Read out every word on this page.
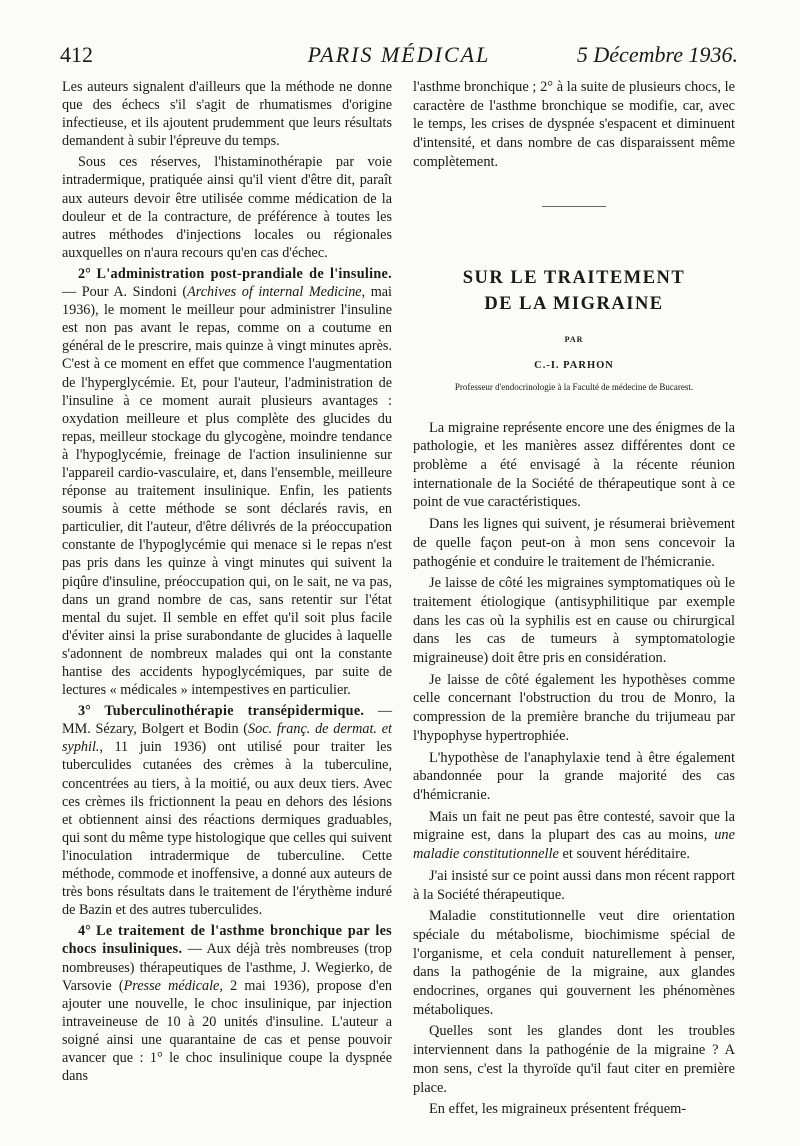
412	PARIS MÉDICAL	5 Décembre 1936.

Les auteurs signalent d'ailleurs que la méthode ne donne que des échecs s'il s'agit de rhumatismes d'origine infectieuse, et ils ajoutent prudemment que leurs résultats demandent à subir l'épreuve du temps.

Sous ces réserves, l'histaminothérapie par voie intradermique, pratiquée ainsi qu'il vient d'être dit, paraît aux auteurs devoir être utilisée comme médication de la douleur et de la contracture, de préférence à toutes les autres méthodes d'injections locales ou régionales auxquelles on n'aura recours qu'en cas d'échec.

2° L'administration post-prandiale de l'insuline. — Pour A. Sindoni (Archives of internal Medicine, mai 1936), le moment le meilleur pour administrer l'insuline est non pas avant le repas, comme on a coutume en général de le prescrire, mais quinze à vingt minutes après. C'est à ce moment en effet que commence l'augmentation de l'hyperglycémie. Et, pour l'auteur, l'administration de l'insuline à ce moment aurait plusieurs avantages : oxydation meilleure et plus complète des glucides du repas, meilleur stockage du glycogène, moindre tendance à l'hypoglycémie, freinage de l'action insulinienne sur l'appareil cardio-vasculaire, et, dans l'ensemble, meilleure réponse au traitement insulinique. Enfin, les patients soumis à cette méthode se sont déclarés ravis, en particulier, dit l'auteur, d'être délivrés de la préoccupation constante de l'hypoglycémie qui menace si le repas n'est pas pris dans les quinze à vingt minutes qui suivent la piqûre d'insuline, préoccupation qui, on le sait, ne va pas, dans un grand nombre de cas, sans retentir sur l'état mental du sujet. Il semble en effet qu'il soit plus facile d'éviter ainsi la prise surabondante de glucides à laquelle s'adonnent de nombreux malades qui ont la constante hantise des accidents hypoglycémiques, par suite de lectures « médicales » intempestives en particulier.

3° Tuberculinothérapie transépidermique. — MM. Sézary, Bolgert et Bodin (Soc. franç. de dermat. et syphil., 11 juin 1936) ont utilisé pour traiter les tuberculides cutanées des crèmes à la tuberculine, concentrées au tiers, à la moitié, ou aux deux tiers. Avec ces crèmes ils frictionnent la peau en dehors des lésions et obtiennent ainsi des réactions dermiques graduables, qui sont du même type histologique que celles qui suivent l'inoculation intradermique de tuberculine. Cette méthode, commode et inoffensive, a donné aux auteurs de très bons résultats dans le traitement de l'érythème induré de Bazin et des autres tuberculides.

4° Le traitement de l'asthme bronchique par les chocs insuliniques. — Aux déjà très nombreuses (trop nombreuses) thérapeutiques de l'asthme, J. Wegierko, de Varsovie (Presse médicale, 2 mai 1936), propose d'en ajouter une nouvelle, le choc insulinique, par injection intraveineuse de 10 à 20 unités d'insuline. L'auteur a soigné ainsi une quarantaine de cas et pense pouvoir avancer que : 1° le choc insulinique coupe la dyspnée dans

l'asthme bronchique ; 2° à la suite de plusieurs chocs, le caractère de l'asthme bronchique se modifie, car, avec le temps, les crises de dyspnée s'espacent et diminuent d'intensité, et dans nombre de cas disparaissent même complètement.

SUR LE TRAITEMENT
DE LA MIGRAINE
PAR
C.-I. PARHON
Professeur d'endocrinologie à la Faculté de médecine de Bucarest.

La migraine représente encore une des énigmes de la pathologie, et les manières assez différentes dont ce problème a été envisagé à la récente réunion internationale de la Société de thérapeutique sont à ce point de vue caractéristiques.

Dans les lignes qui suivent, je résumerai brièvement de quelle façon peut-on à mon sens concevoir la pathogénie et conduire le traitement de l'hémicranie.

Je laisse de côté les migraines symptomatiques où le traitement étiologique (antisyphilitique par exemple dans les cas où la syphilis est en cause ou chirurgical dans les cas de tumeurs à symptomatologie migraineuse) doit être pris en considération.

Je laisse de côté également les hypothèses comme celle concernant l'obstruction du trou de Monro, la compression de la première branche du trijumeau par l'hypophyse hypertrophiée.

L'hypothèse de l'anaphylaxie tend à être également abandonnée pour la grande majorité des cas d'hémicranie.

Mais un fait ne peut pas être contesté, savoir que la migraine est, dans la plupart des cas au moins, une maladie constitutionnelle et souvent héréditaire.

J'ai insisté sur ce point aussi dans mon récent rapport à la Société thérapeutique.

Maladie constitutionnelle veut dire orientation spéciale du métabolisme, biochimisme spécial de l'organisme, et cela conduit naturellement à penser, dans la pathogénie de la migraine, aux glandes endocrines, organes qui gouvernent les phénomènes métaboliques.

Quelles sont les glandes dont les troubles interviennent dans la pathogénie de la migraine ? A mon sens, c'est la thyroïde qu'il faut citer en première place.

En effet, les migraineux présentent fréquem-
